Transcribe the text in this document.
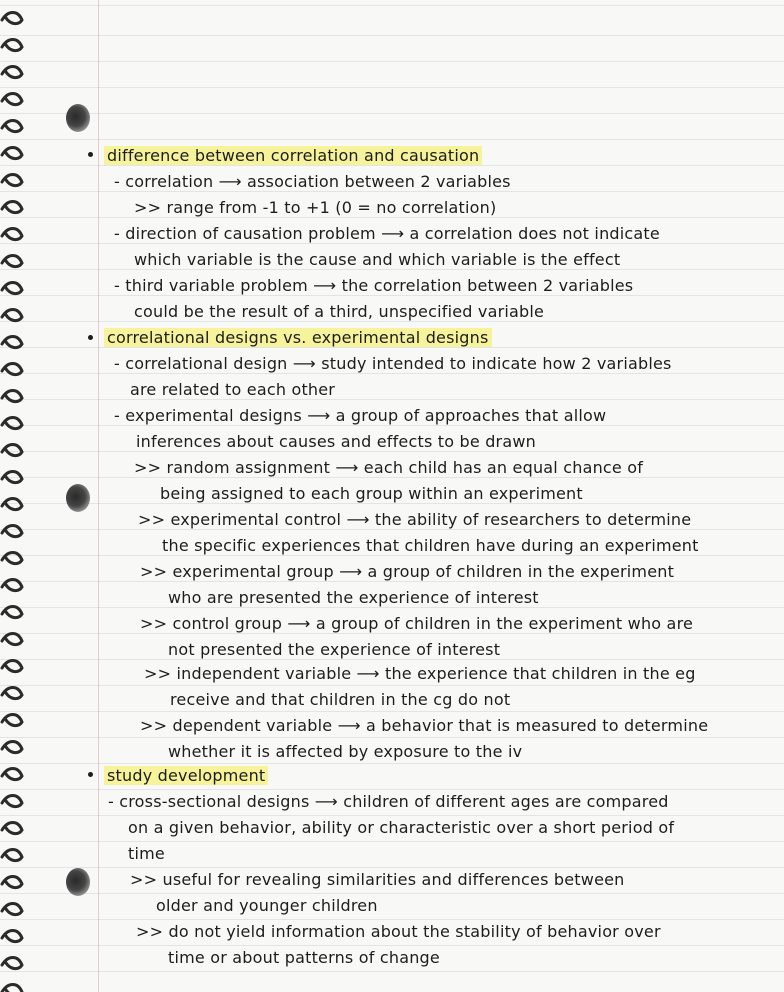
difference between correlation and causation
- correlation ⟶ association between 2 variables
>> range from -1 to +1 (0 = no correlation)
- direction of causation problem ⟶ a correlation does not indicate
which variable is the cause and which variable is the effect
- third variable problem ⟶ the correlation between 2 variables
could be the result of a third, unspecified variable
correlational designs vs. experimental designs
- correlational design ⟶ study intended to indicate how 2 variables
are related to each other
- experimental designs ⟶ a group of approaches that allow
inferences about causes and effects to be drawn
>> random assignment ⟶ each child has an equal chance of
being assigned to each group within an experiment
>> experimental control ⟶ the ability of researchers to determine
the specific experiences that children have during an experiment
>> experimental group ⟶ a group of children in the experiment
who are presented the experience of interest
>> control group ⟶ a group of children in the experiment who are
not presented the experience of interest
>> independent variable ⟶ the experience that children in the eg
receive and that children in the cg do not
>> dependent variable ⟶ a behavior that is measured to determine
whether it is affected by exposure to the iv
study development
- cross-sectional designs ⟶ children of different ages are compared
on a given behavior, ability or characteristic over a short period of
time
>> useful for revealing similarities and differences between
older and younger children
>> do not yield information about the stability of behavior over
time or about patterns of change
